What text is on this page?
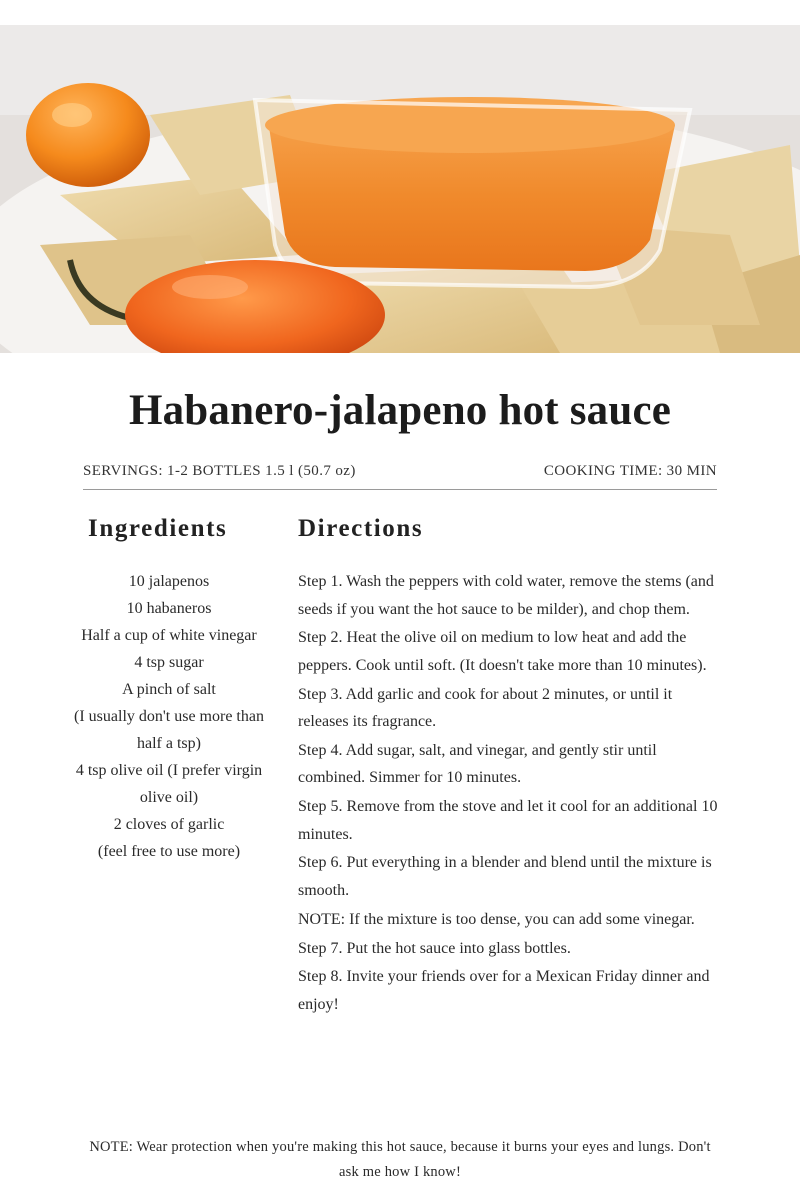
Habanero-jalapeno hot sauce
SERVINGS: 1-2 BOTTLES 1.5 l (50.7 oz)	COOKING TIME: 30 MIN
Ingredients	Directions
10 jalapenos
10 habaneros
Half a cup of white vinegar
4 tsp sugar
A pinch of salt
(I usually don't use more than half a tsp)
4 tsp olive oil (I prefer virgin olive oil)
2 cloves of garlic
(feel free to use more)
Step 1. Wash the peppers with cold water, remove the stems (and seeds if you want the hot sauce to be milder), and chop them.
Step 2. Heat the olive oil on medium to low heat and add the peppers. Cook until soft. (It doesn't take more than 10 minutes).
Step 3. Add garlic and cook for about 2 minutes, or until it releases its fragrance.
Step 4. Add sugar, salt, and vinegar, and gently stir until combined. Simmer for 10 minutes.
Step 5. Remove from the stove and let it cool for an additional 10 minutes.
Step 6. Put everything in a blender and blend until the mixture is smooth.
NOTE: If the mixture is too dense, you can add some vinegar.
Step 7. Put the hot sauce into glass bottles.
Step 8. Invite your friends over for a Mexican Friday dinner and enjoy!

NOTE: Wear protection when you're making this hot sauce, because it burns your eyes and lungs. Don't ask me how I know!
